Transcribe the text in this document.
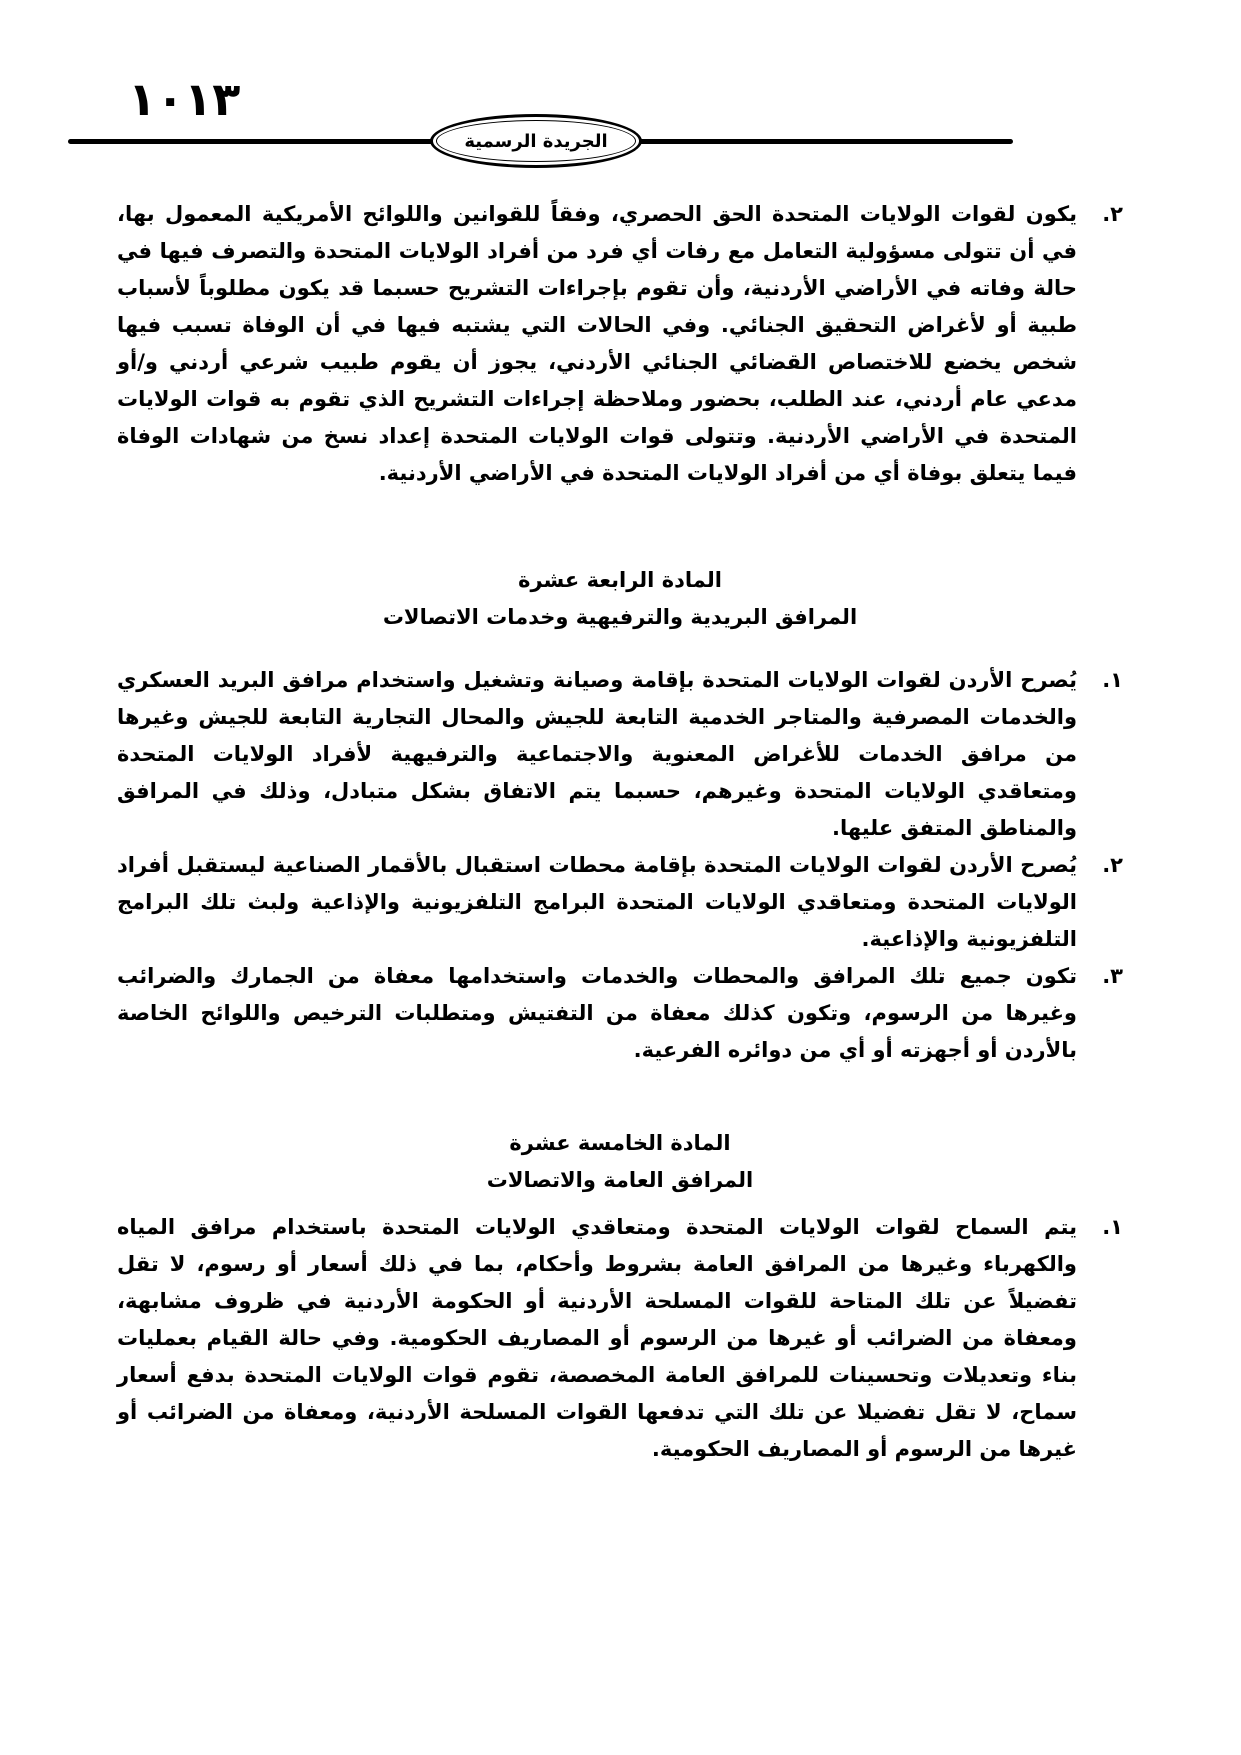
١٠١٣
الجريدة الرسمية
٢.
يكون لقوات الولايات المتحدة الحق الحصري، وفقاً للقوانين واللوائح الأمريكية المعمول بها، في أن تتولى مسؤولية التعامل مع رفات أي فرد من أفراد الولايات المتحدة والتصرف فيها في حالة وفاته في الأراضي الأردنية، وأن تقوم بإجراءات التشريح حسبما قد يكون مطلوباً لأسباب طبية أو لأغراض التحقيق الجنائي. وفي الحالات التي يشتبه فيها في أن الوفاة تسبب فيها شخص يخضع للاختصاص القضائي الجنائي الأردني، يجوز أن يقوم طبيب شرعي أردني و/أو مدعي عام أردني، عند الطلب، بحضور وملاحظة إجراءات التشريح الذي تقوم به قوات الولايات المتحدة في الأراضي الأردنية. وتتولى قوات الولايات المتحدة إعداد نسخ من شهادات الوفاة فيما يتعلق بوفاة أي من أفراد الولايات المتحدة في الأراضي الأردنية.
المادة الرابعة عشرة
المرافق البريدية والترفيهية وخدمات الاتصالات
١.
يُصرح الأردن لقوات الولايات المتحدة بإقامة وصيانة وتشغيل واستخدام مرافق البريد العسكري والخدمات المصرفية والمتاجر الخدمية التابعة للجيش والمحال التجارية التابعة للجيش وغيرها من مرافق الخدمات للأغراض المعنوية والاجتماعية والترفيهية لأفراد الولايات المتحدة ومتعاقدي الولايات المتحدة وغيرهم، حسبما يتم الاتفاق بشكل متبادل، وذلك في المرافق والمناطق المتفق عليها.
٢.
يُصرح الأردن لقوات الولايات المتحدة بإقامة محطات استقبال بالأقمار الصناعية ليستقبل أفراد الولايات المتحدة ومتعاقدي الولايات المتحدة البرامج التلفزيونية والإذاعية ولبث تلك البرامج التلفزيونية والإذاعية.
٣.
تكون جميع تلك المرافق والمحطات والخدمات واستخدامها معفاة من الجمارك والضرائب وغيرها من الرسوم، وتكون كذلك معفاة من التفتيش ومتطلبات الترخيص واللوائح الخاصة بالأردن أو أجهزته أو أي من دوائره الفرعية.
المادة الخامسة عشرة
المرافق العامة والاتصالات
١.
يتم السماح لقوات الولايات المتحدة ومتعاقدي الولايات المتحدة باستخدام مرافق المياه والكهرباء وغيرها من المرافق العامة بشروط وأحكام، بما في ذلك أسعار أو رسوم، لا تقل تفضيلاً عن تلك المتاحة للقوات المسلحة الأردنية أو الحكومة الأردنية في ظروف مشابهة، ومعفاة من الضرائب أو غيرها من الرسوم أو المصاريف الحكومية. وفي حالة القيام بعمليات بناء وتعديلات وتحسينات للمرافق العامة المخصصة، تقوم قوات الولايات المتحدة بدفع أسعار سماح، لا تقل تفضيلا عن تلك التي تدفعها القوات المسلحة الأردنية، ومعفاة من الضرائب أو غيرها من الرسوم أو المصاريف الحكومية.
